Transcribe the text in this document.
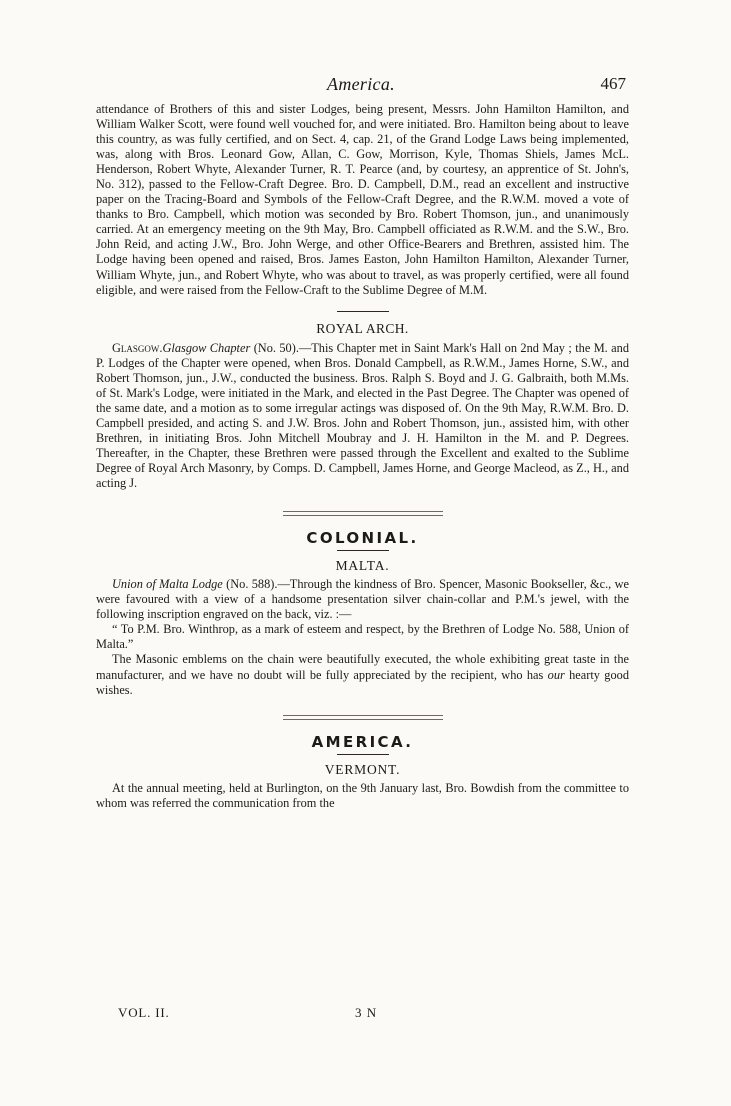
America.	467

attendance of Brothers of this and sister Lodges, being present, Messrs. John Hamilton Hamilton, and William Walker Scott, were found well vouched for, and were initiated. Bro. Hamilton being about to leave this country, as was fully certified, and on Sect. 4, cap. 21, of the Grand Lodge Laws being implemented, was, along with Bros. Leonard Gow, Allan, C. Gow, Morrison, Kyle, Thomas Shiels, James McL. Henderson, Robert Whyte, Alexander Turner, R. T. Pearce (and, by courtesy, an apprentice of St. John's, No. 312), passed to the Fellow-Craft Degree. Bro. D. Campbell, D.M., read an excellent and instructive paper on the Tracing-Board and Symbols of the Fellow-Craft Degree, and the R.W.M. moved a vote of thanks to Bro. Campbell, which motion was seconded by Bro. Robert Thomson, jun., and unanimously carried. At an emergency meeting on the 9th May, Bro. Campbell officiated as R.W.M. and the S.W., Bro. John Reid, and acting J.W., Bro. John Werge, and other Office-Bearers and Brethren, assisted him. The Lodge having been opened and raised, Bros. James Easton, John Hamilton Hamilton, Alexander Turner, William Whyte, jun., and Robert Whyte, who was about to travel, as was properly certified, were all found eligible, and were raised from the Fellow-Craft to the Sublime Degree of M.M.

ROYAL ARCH.

Glasgow.Glasgow Chapter (No. 50).—This Chapter met in Saint Mark's Hall on 2nd May ; the M. and P. Lodges of the Chapter were opened, when Bros. Donald Campbell, as R.W.M., James Horne, S.W., and Robert Thomson, jun., J.W., conducted the business. Bros. Ralph S. Boyd and J. G. Galbraith, both M.Ms. of St. Mark's Lodge, were initiated in the Mark, and elected in the Past Degree. The Chapter was opened of the same date, and a motion as to some irregular actings was disposed of. On the 9th May, R.W.M. Bro. D. Campbell presided, and acting S. and J.W. Bros. John and Robert Thomson, jun., assisted him, with other Brethren, in initiating Bros. John Mitchell Moubray and J. H. Hamilton in the M. and P. Degrees. Thereafter, in the Chapter, these Brethren were passed through the Excellent and exalted to the Sublime Degree of Royal Arch Masonry, by Comps. D. Campbell, James Horne, and George Macleod, as Z., H., and acting J.

COLONIAL.
MALTA.

Union of Malta Lodge (No. 588).—Through the kindness of Bro. Spencer, Masonic Bookseller, &c., we were favoured with a view of a handsome presentation silver chain-collar and P.M.'s jewel, with the following inscription engraved on the back, viz. :—

“ To P.M. Bro. Winthrop, as a mark of esteem and respect, by the Brethren of Lodge No. 588, Union of Malta.”

The Masonic emblems on the chain were beautifully executed, the whole exhibiting great taste in the manufacturer, and we have no doubt will be fully appreciated by the recipient, who has our hearty good wishes.

AMERICA.
VERMONT.

At the annual meeting, held at Burlington, on the 9th January last, Bro. Bowdish from the committee to whom was referred the communication from the

VOL. II.	3 N
